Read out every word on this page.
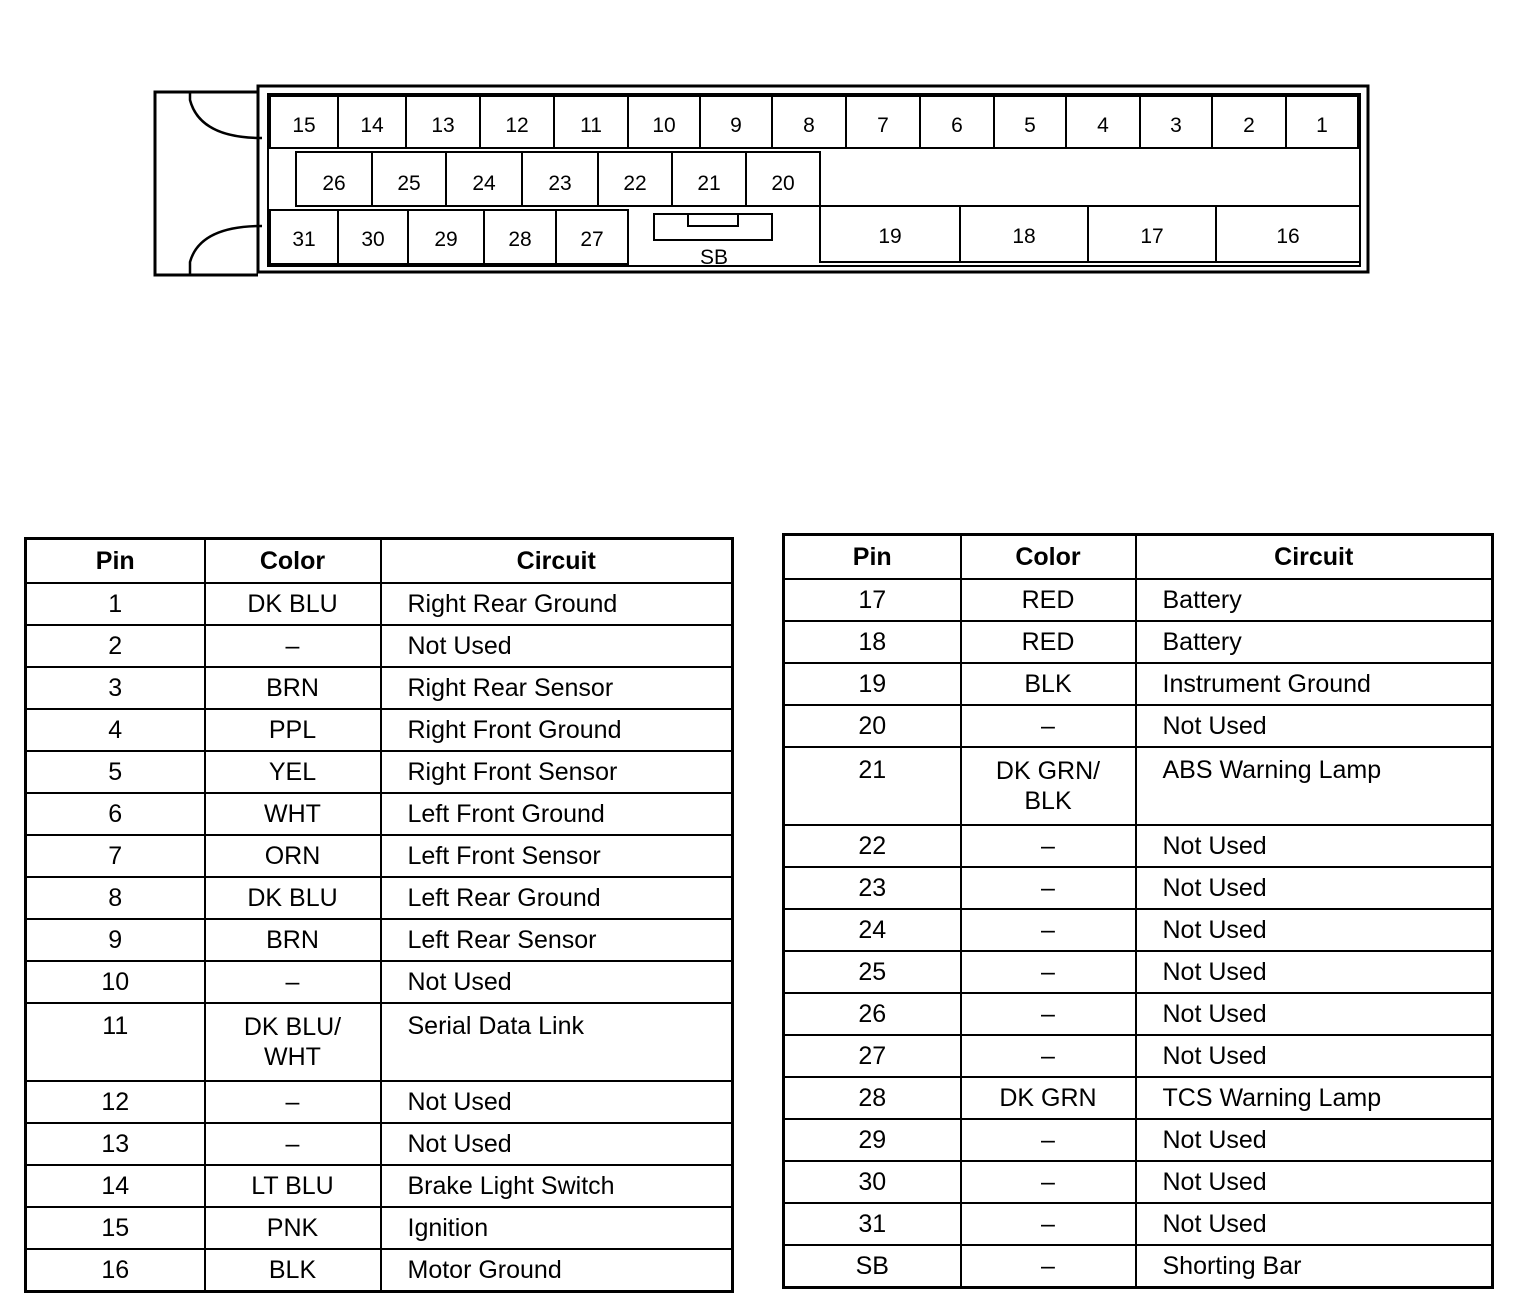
15 14 13 12 11 10	9	8	7	6	5	4	3	2	1
26 25 24	23 22 21 20
31 30 29 28 27	19	18	17	16
SB
Pin	Color	Circuit
1	DK BLU	Right Rear Ground
2	–	Not Used
3	BRN	Right Rear Sensor
4	PPL	Right Front Ground
5	YEL	Right Front Sensor
6	WHT	Left Front Ground
7	ORN	Left Front Sensor
8	DK BLU	Left Rear Ground
9	BRN	Left Rear Sensor
10	–	Not Used
11	DK BLU/
WHT	Serial Data Link
12	–	Not Used
13	–	Not Used
14	LT BLU	Brake Light Switch
15	PNK	Ignition
16	BLK	Motor Ground
Pin	Color	Circuit
17	RED	Battery
18	RED	Battery
19	BLK	Instrument Ground
20	–	Not Used
21	DK GRN/
BLK	ABS Warning Lamp
22	–	Not Used
23	–	Not Used
24	–	Not Used
25	–	Not Used
26	–	Not Used
27	–	Not Used
28	DK GRN	TCS Warning Lamp
29	–	Not Used
30	–	Not Used
31	–	Not Used
SB	–	Shorting Bar
